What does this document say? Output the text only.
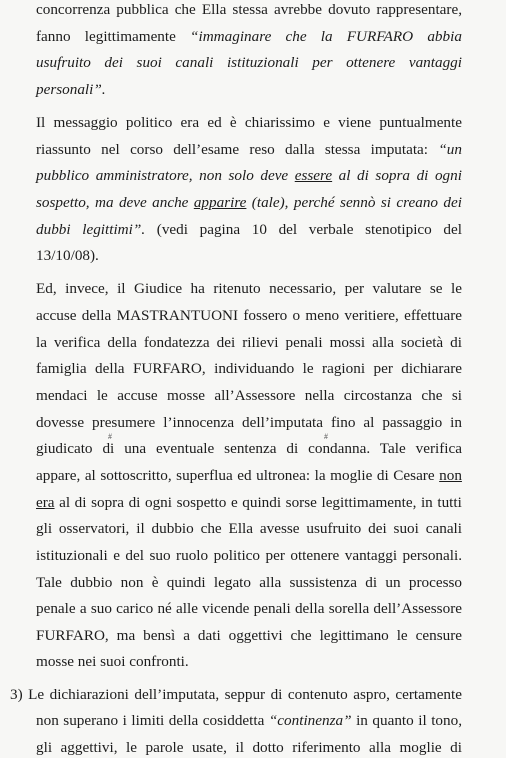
concorrenza pubblica che Ella stessa avrebbe dovuto rappresentare,
fanno legittimamente “immaginare che la FURFARO abbia
usufruito dei suoi canali istituzionali per ottenere vantaggi
personali”.
Il messaggio politico era ed è chiarissimo e viene puntualmente
riassunto nel corso dell’esame reso dalla stessa imputata: “un
pubblico amministratore, non solo deve essere al di sopra di ogni
sospetto, ma deve anche apparire (tale), perché sennò si creano dei
dubbi legittimi”. (vedi pagina 10 del verbale stenotipico del
13/10/08).
Ed, invece, il Giudice ha ritenuto necessario, per valutare se le
accuse della MASTRANTUONI fossero o meno veritiere, effettuare
la verifica della fondatezza dei rilievi penali mossi alla società di
famiglia della FURFARO, individuando le ragioni per dichiarare
mendaci le accuse mosse all’Assessore nella circostanza che si
dovesse presumere l’innocenza dell’imputata fino al passaggio in
#
giudicato di una eventuale sentenza di condanna. Tale verifica
#
appare, al sottoscritto, superflua ed ultronea: la moglie di Cesare non
era al di sopra di ogni sospetto e quindi sorse legittimamente, in tutti
gli osservatori, il dubbio che Ella avesse usufruito dei suoi canali
istituzionali e del suo ruolo politico per ottenere vantaggi personali.
Tale dubbio non è quindi legato alla sussistenza di un processo
penale a suo carico né alle vicende penali della sorella dell’Assessore
FURFARO, ma bensì a dati oggettivi che legittimano le censure
mosse nei suoi confronti.
3) Le dichiarazioni dell’imputata, seppur di contenuto aspro, certamente
non superano i limiti della cosiddetta “continenza” in quanto il tono,
gli aggettivi, le parole usate, il dotto riferimento alla moglie di
